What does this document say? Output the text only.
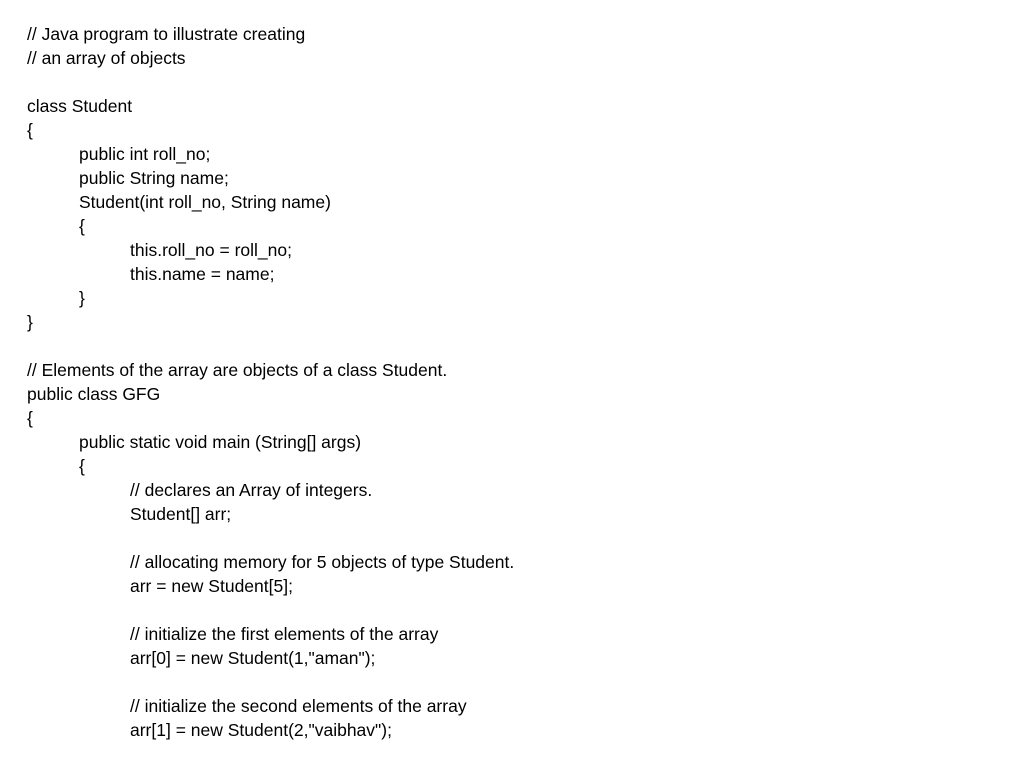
// Java program to illustrate creating
// an array of objects
class Student
{
public int roll_no;
public String name;
Student(int roll_no, String name)
{
this.roll_no = roll_no;
this.name = name;
}
}
// Elements of the array are objects of a class Student.
public class GFG
{
public static void main (String[] args)
{
// declares an Array of integers.
Student[] arr;
// allocating memory for 5 objects of type Student.
arr = new Student[5];
// initialize the first elements of the array
arr[0] = new Student(1,"aman");
// initialize the second elements of the array
arr[1] = new Student(2,"vaibhav");
